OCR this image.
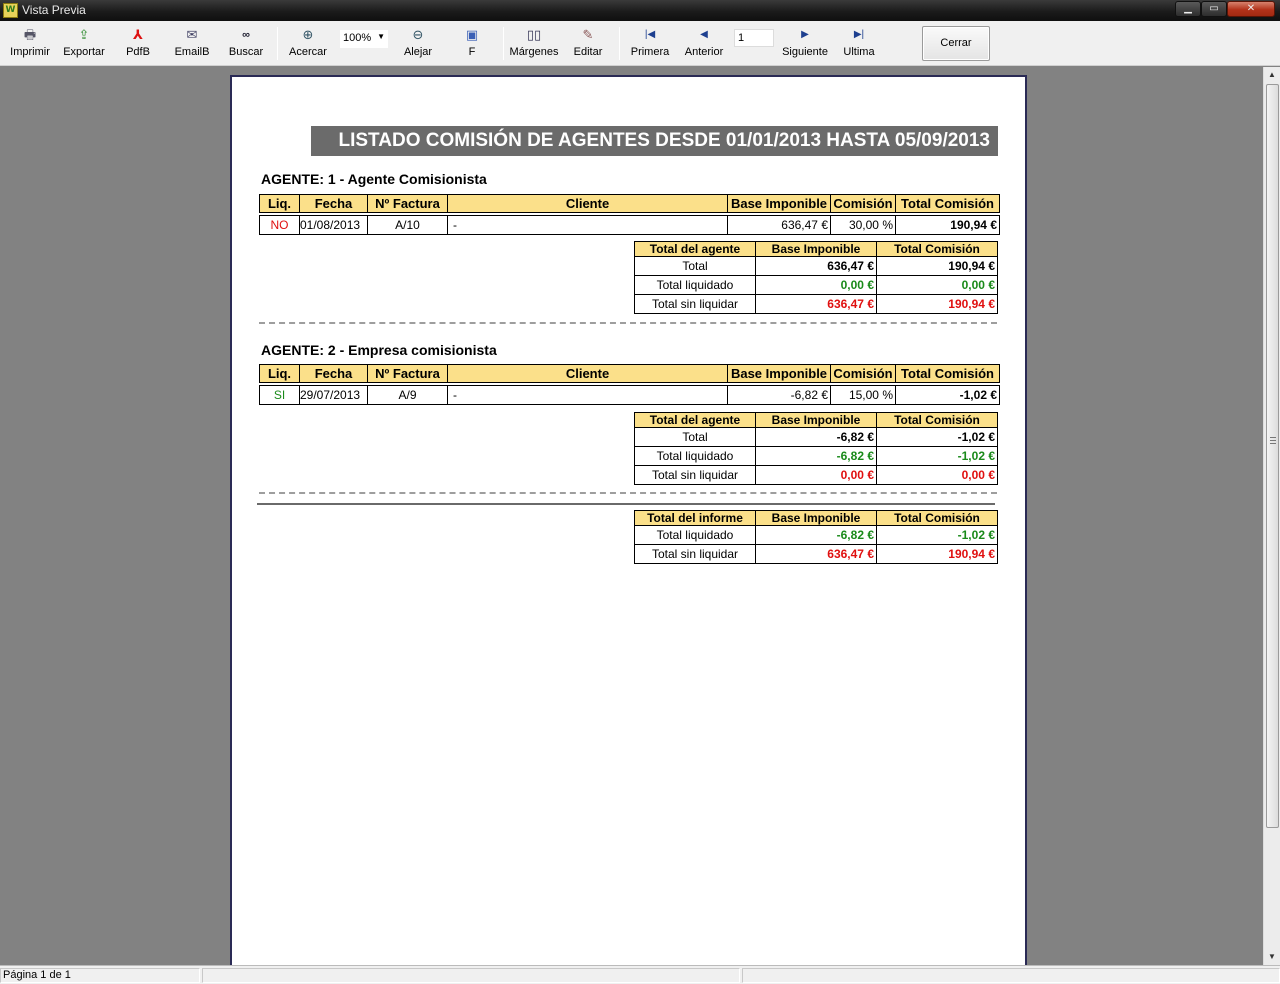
W Vista Previa	▁	▭	✕
🖶
Imprimir
⇪
Exportar
⅄
PdfB
✉
EmailB
∞
Buscar
⊕
Acercar
100% ▼ ⊖
Alejar
▣
F
▯▯
Márgenes
✎
Editar
|◀
Primera
◀
Anterior
1	▶
Siguiente
▶|
Ultima
Cerrar
LISTADO COMISIÓN DE AGENTES DESDE 01/01/2013 HASTA 05/09/2013
AGENTE: 1 - Agente Comisionista
Liq.	Fecha	Nº Factura	Cliente	Base Imponible	Comisión	Total Comisión

NO	01/08/2013	A/10	-	636,47 €	30,00 %	190,94 €
Total del agente	Base Imponible	Total Comisión
Total	636,47 €	190,94 €
Total liquidado	0,00 €	0,00 €
Total sin liquidar	636,47 €	190,94 €
AGENTE: 2 - Empresa comisionista
Liq.	Fecha	Nº Factura	Cliente	Base Imponible	Comisión	Total Comisión

SI	29/07/2013	A/9	-	-6,82 €	15,00 %	-1,02 €
Total del agente	Base Imponible	Total Comisión
Total	-6,82 €	-1,02 €
Total liquidado	-6,82 €	-1,02 €
Total sin liquidar	0,00 €	0,00 €
Total del informe	Base Imponible	Total Comisión
Total liquidado	-6,82 €	-1,02 €
Total sin liquidar	636,47 €	190,94 €
▲
▼
Página 1 de 1
